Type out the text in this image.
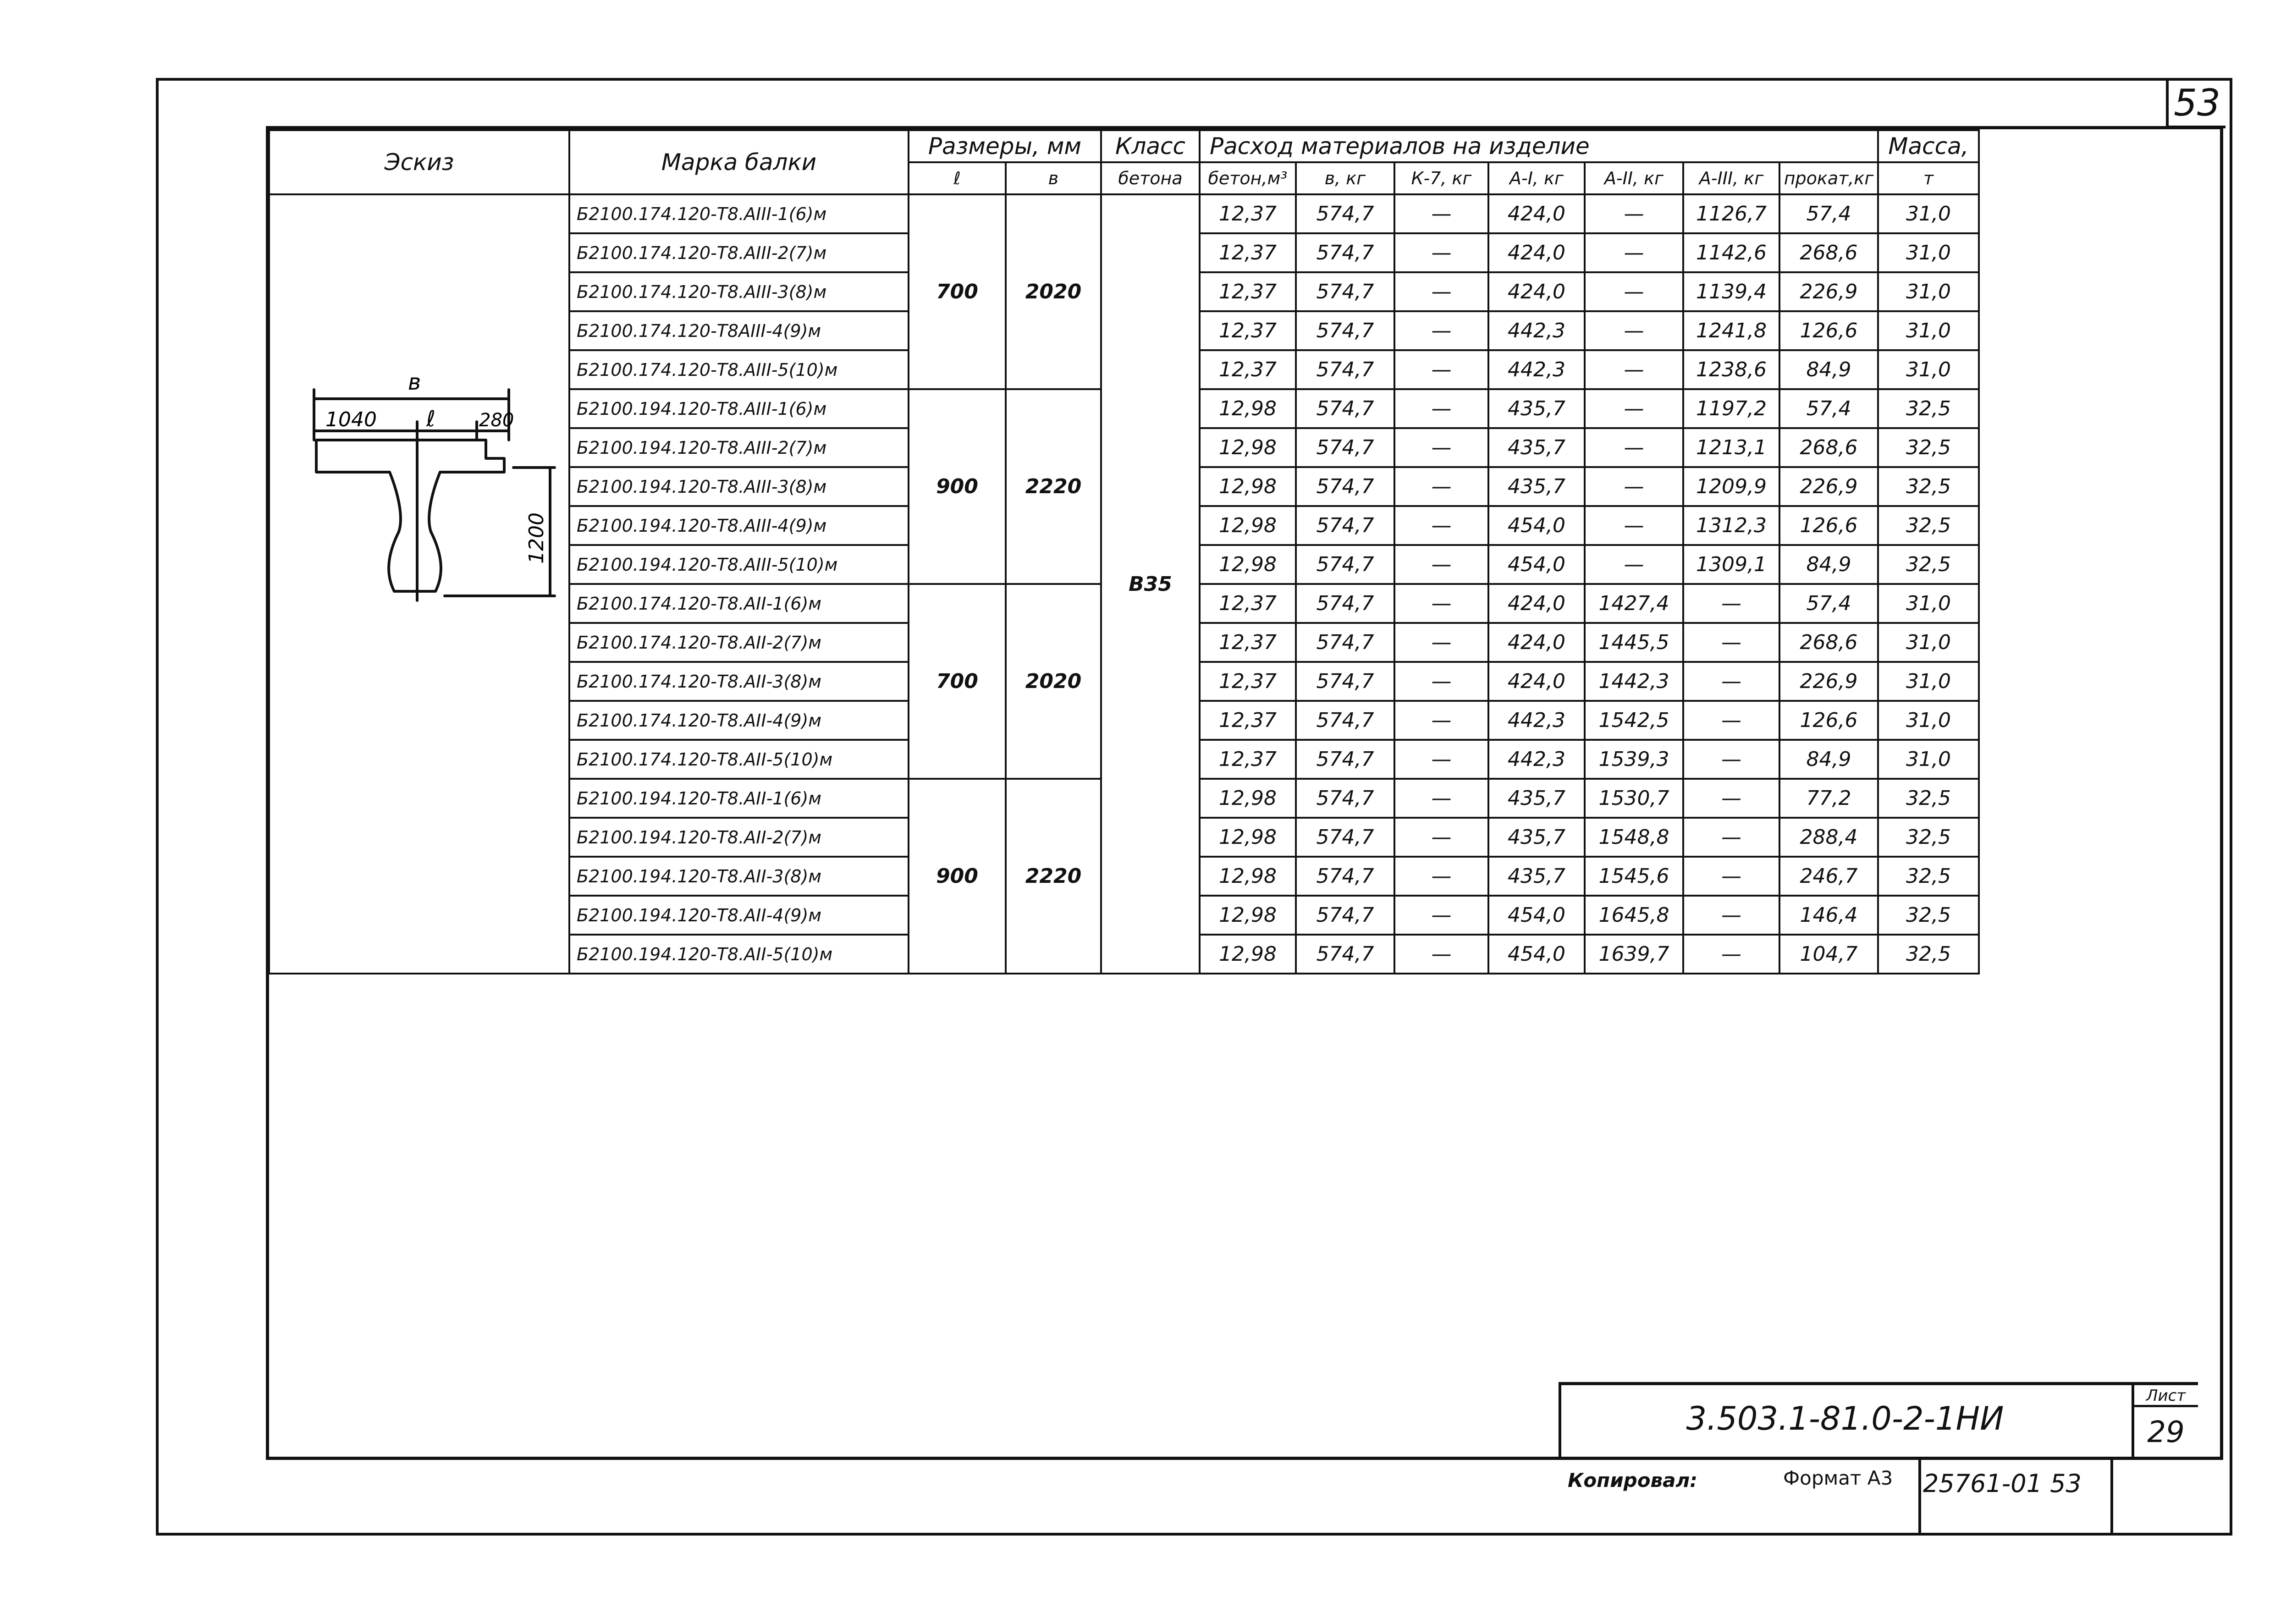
53
Эскиз	Марка балки	Размеры, мм		Класс	Расход материалов на изделие							Масса,
		ℓ	в	бетона	бетон,м³	в, кг	К-7, кг	А-I, кг	А-II, кг	А-III, кг	прокат,кг	т
	Б2100.174.120-Т8.АIII-1(6)м	700	2020	В35	12,37	574,7	—	424,0	—	1126,7	57,4	31,0
	Б2100.174.120-Т8.АIII-2(7)м				12,37	574,7	—	424,0	—	1142,6	268,6	31,0
	Б2100.174.120-Т8.АIII-3(8)м				12,37	574,7	—	424,0	—	1139,4	226,9	31,0
	Б2100.174.120-Т8АIII-4(9)м				12,37	574,7	—	442,3	—	1241,8	126,6	31,0
	Б2100.174.120-Т8.АIII-5(10)м				12,37	574,7	—	442,3	—	1238,6	84,9	31,0
	Б2100.194.120-Т8.АIII-1(6)м	900	2220		12,98	574,7	—	435,7	—	1197,2	57,4	32,5
	Б2100.194.120-Т8.АIII-2(7)м				12,98	574,7	—	435,7	—	1213,1	268,6	32,5
	Б2100.194.120-Т8.АIII-3(8)м				12,98	574,7	—	435,7	—	1209,9	226,9	32,5
	Б2100.194.120-Т8.АIII-4(9)м				12,98	574,7	—	454,0	—	1312,3	126,6	32,5
	Б2100.194.120-Т8.АIII-5(10)м				12,98	574,7	—	454,0	—	1309,1	84,9	32,5
	Б2100.174.120-Т8.АII-1(6)м	700	2020		12,37	574,7	—	424,0	1427,4	—	57,4	31,0
	Б2100.174.120-Т8.АII-2(7)м				12,37	574,7	—	424,0	1445,5	—	268,6	31,0
	Б2100.174.120-Т8.АII-3(8)м				12,37	574,7	—	424,0	1442,3	—	226,9	31,0
	Б2100.174.120-Т8.АII-4(9)м				12,37	574,7	—	442,3	1542,5	—	126,6	31,0
	Б2100.174.120-Т8.АII-5(10)м				12,37	574,7	—	442,3	1539,3	—	84,9	31,0
	Б2100.194.120-Т8.АII-1(6)м	900	2220		12,98	574,7	—	435,7	1530,7	—	77,2	32,5
	Б2100.194.120-Т8.АII-2(7)м				12,98	574,7	—	435,7	1548,8	—	288,4	32,5
	Б2100.194.120-Т8.АII-3(8)м				12,98	574,7	—	435,7	1545,6	—	246,7	32,5
	Б2100.194.120-Т8.АII-4(9)м				12,98	574,7	—	454,0	1645,8	—	146,4	32,5
	Б2100.194.120-Т8.АII-5(10)м				12,98	574,7	—	454,0	1639,7	—	104,7	32,5
в
1040 ℓ 280
1200
3.503.1-81.0-2-1НИ
Лист
29
Копировал:	Формат А3 25761-01 53
